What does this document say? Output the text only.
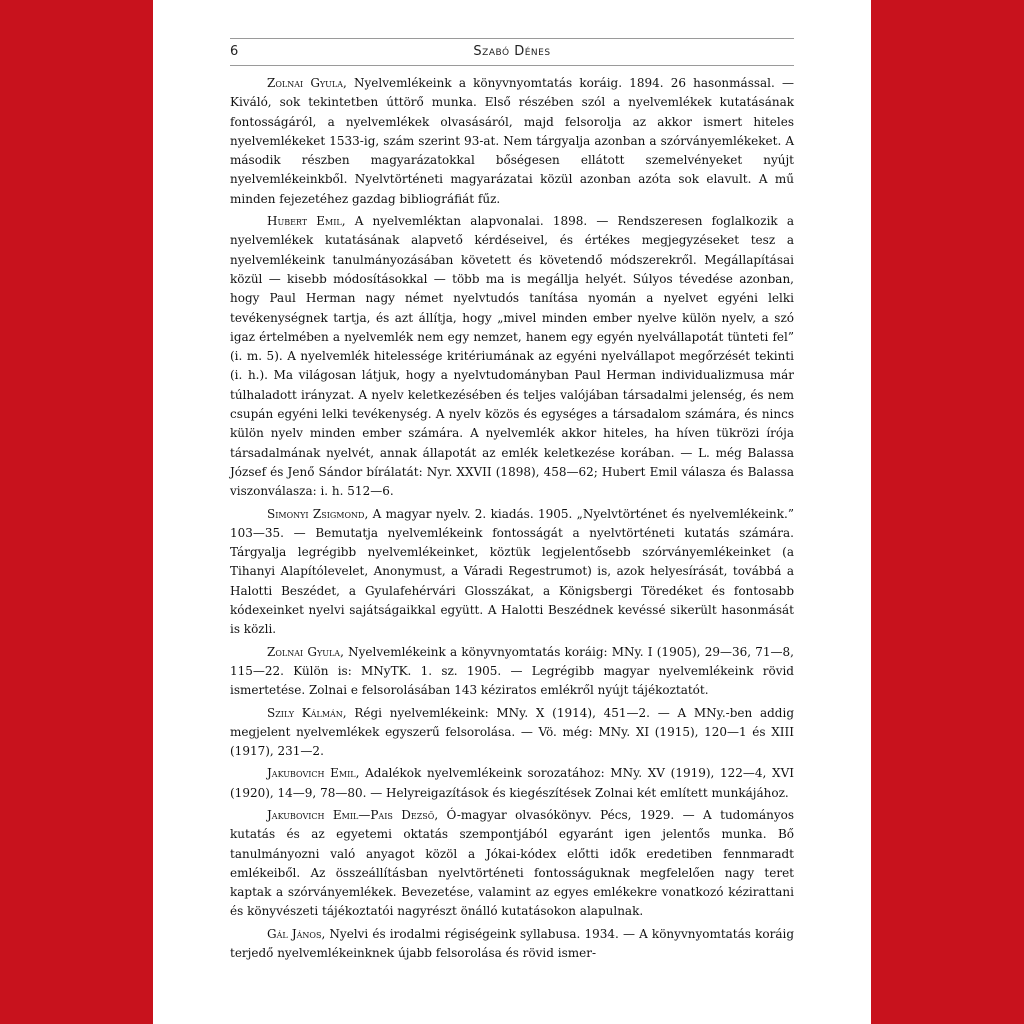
6	Szabó Dénes

Zolnai Gyula, Nyelvemlékeink a könyvnyomtatás koráig. 1894. 26 hasonmással. — Kiváló, sok tekintetben úttörő munka. Első részében szól a nyelvemlékek kutatásának fontosságáról, a nyelvemlékek olvasásáról, majd felsorolja az akkor ismert hiteles nyelvemlékeket 1533-ig, szám szerint 93-at. Nem tárgyalja azonban a szórványemlékeket. A második részben magyarázatokkal bőségesen ellátott szemelvényeket nyújt nyelvemlékeinkből. Nyelvtörténeti magyarázatai közül azonban azóta sok elavult. A mű minden fejezetéhez gazdag bibliográfiát fűz.

Hubert Emil, A nyelvemléktan alapvonalai. 1898. — Rendszeresen foglalkozik a nyelvemlékek kutatásának alapvető kérdéseivel, és értékes megjegyzéseket tesz a nyelvemlékeink tanulmányozásában követett és követendő módszerekről. Megállapításai közül — kisebb módosításokkal — több ma is megállja helyét. Súlyos tévedése azonban, hogy Paul Herman nagy német nyelvtudós tanítása nyomán a nyelvet egyéni lelki tevékenységnek tartja, és azt állítja, hogy „mivel minden ember nyelve külön nyelv, a szó igaz értelmében a nyelvemlék nem egy nemzet, hanem egy egyén nyelvállapotát tünteti fel” (i. m. 5). A nyelvemlék hitelessége kritériumának az egyéni nyelvállapot megőrzését tekinti (i. h.). Ma világosan látjuk, hogy a nyelvtudományban Paul Herman individualizmusa már túlhaladott irányzat. A nyelv keletkezésében és teljes valójában társadalmi jelenség, és nem csupán egyéni lelki tevékenység. A nyelv közös és egységes a társadalom számára, és nincs külön nyelv minden ember számára. A nyelvemlék akkor hiteles, ha híven tükrözi írója társadalmának nyelvét, annak állapotát az emlék keletkezése korában. — L. még Balassa József és Jenő Sándor bírálatát: Nyr. XXVII (1898), 458—62; Hubert Emil válasza és Balassa viszonválasza: i. h. 512—6.

Simonyi Zsigmond, A magyar nyelv. 2. kiadás. 1905. „Nyelvtörténet és nyelvemlékeink.” 103—35. — Bemutatja nyelvemlékeink fontosságát a nyelvtörténeti kutatás számára. Tárgyalja legrégibb nyelvemlékeinket, köztük legjelentősebb szórványemlékeinket (a Tihanyi Alapítólevelet, Anonymust, a Váradi Regestrumot) is, azok helyesírását, továbbá a Halotti Beszédet, a Gyulafehérvári Glosszákat, a Königsbergi Töredéket és fontosabb kódexeinket nyelvi sajátságaikkal együtt. A Halotti Beszédnek kevéssé sikerült hasonmását is közli.

Zolnai Gyula, Nyelvemlékeink a könyvnyomtatás koráig: MNy. I (1905), 29—36, 71—8, 115—22. Külön is: MNyTK. 1. sz. 1905. — Legrégibb magyar nyelvemlékeink rövid ismertetése. Zolnai e felsorolásában 143 kéziratos emlékről nyújt tájékoztatót.

Szily Kálmán, Régi nyelvemlékeink: MNy. X (1914), 451—2. — A MNy.-ben addig megjelent nyelvemlékek egyszerű felsorolása. — Vö. még: MNy. XI (1915), 120—1 és XIII (1917), 231—2.

Jakubovich Emil, Adalékok nyelvemlékeink sorozatához: MNy. XV (1919), 122—4, XVI (1920), 14—9, 78—80. — Helyreigazítások és kiegészítések Zolnai két említett munkájához.

Jakubovich Emil—Pais Dezső, Ó-magyar olvasókönyv. Pécs, 1929. — A tudományos kutatás és az egyetemi oktatás szempontjából egyaránt igen jelentős munka. Bő tanulmányozni való anyagot közöl a Jókai-kódex előtti idők eredetiben fennmaradt emlékeiből. Az összeállításban nyelvtörténeti fontosságuknak megfelelően nagy teret kaptak a szórványemlékek. Bevezetése, valamint az egyes emlékekre vonatkozó kézirattani és könyvészeti tájékoztatói nagyrészt önálló kutatásokon alapulnak.

Gál János, Nyelvi és irodalmi régiségeink syllabusa. 1934. — A könyvnyomtatás koráig terjedő nyelvemlékeinknek újabb felsorolása és rövid ismer-
